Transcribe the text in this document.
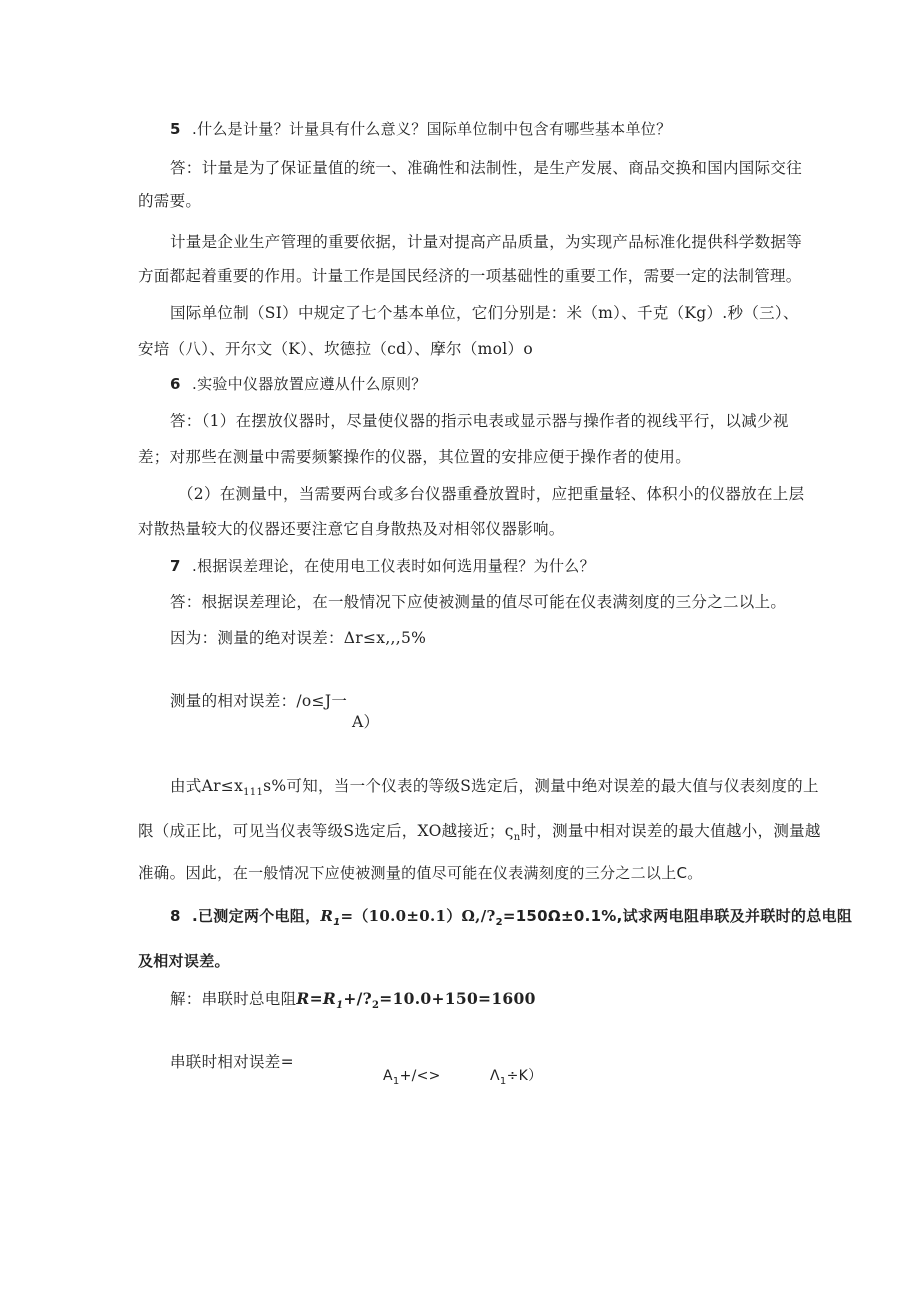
5 .什么是计量？计量具有什么意义？国际单位制中包含有哪些基本单位？
答：计量是为了保证量值的统一、准确性和法制性，是生产发展、商品交换和国内国际交往
的需要。
计量是企业生产管理的重要依据，计量对提高产品质量，为实现产品标准化提供科学数据等
方面都起着重要的作用。计量工作是国民经济的一项基础性的重要工作，需要一定的法制管理。
国际单位制（SI）中规定了七个基本单位，它们分别是：米（m）、千克（Kg）.秒（三）、
安培（八）、开尔文（K）、坎德拉（cd）、摩尔（mol）o
6 .实验中仪器放置应遵从什么原则？
答：（1）在摆放仪器时，尽量使仪器的指示电表或显示器与操作者的视线平行，以减少视
差；对那些在测量中需要频繁操作的仪器，其位置的安排应便于操作者的使用。
（2）在测量中，当需要两台或多台仪器重叠放置时，应把重量轻、体积小的仪器放在上层
对散热量较大的仪器还要注意它自身散热及对相邻仪器影响。
7 .根据误差理论，在使用电工仪表时如何选用量程？为什么？
答：根据误差理论，在一般情况下应使被测量的值尽可能在仪表满刻度的三分之二以上。
因为：测量的绝对误差：Δr≤x,,,5%
测量的相对误差：/o≤J一
A）
由式$Ar\le x_{111}s\%$可知，当一个仪表的等级S选定后，测量中绝对误差的最大值与仪表刻度的上
限（成正比，可见当仪表等级S选定后，XO越接近；$\varsigma_n$时，测量中相对误差的最大值越小，测量越
准确。因此，在一般情况下应使被测量的值尽可能在仪表满刻度的三分之二以上C。
8 .已测定两个电阻，$R_1=(10.0\pm 0.1)\Omega,/?_2=150\Omega\pm 0.1\%$,试求两电阻串联及并联时的总电阻
及相对误差。
解：串联时总电阻$R=R_1+/?_2=10.0+150=1600$
串联时相对误差=
$A_1+/<>$	$\Lambda_1\div K$）
